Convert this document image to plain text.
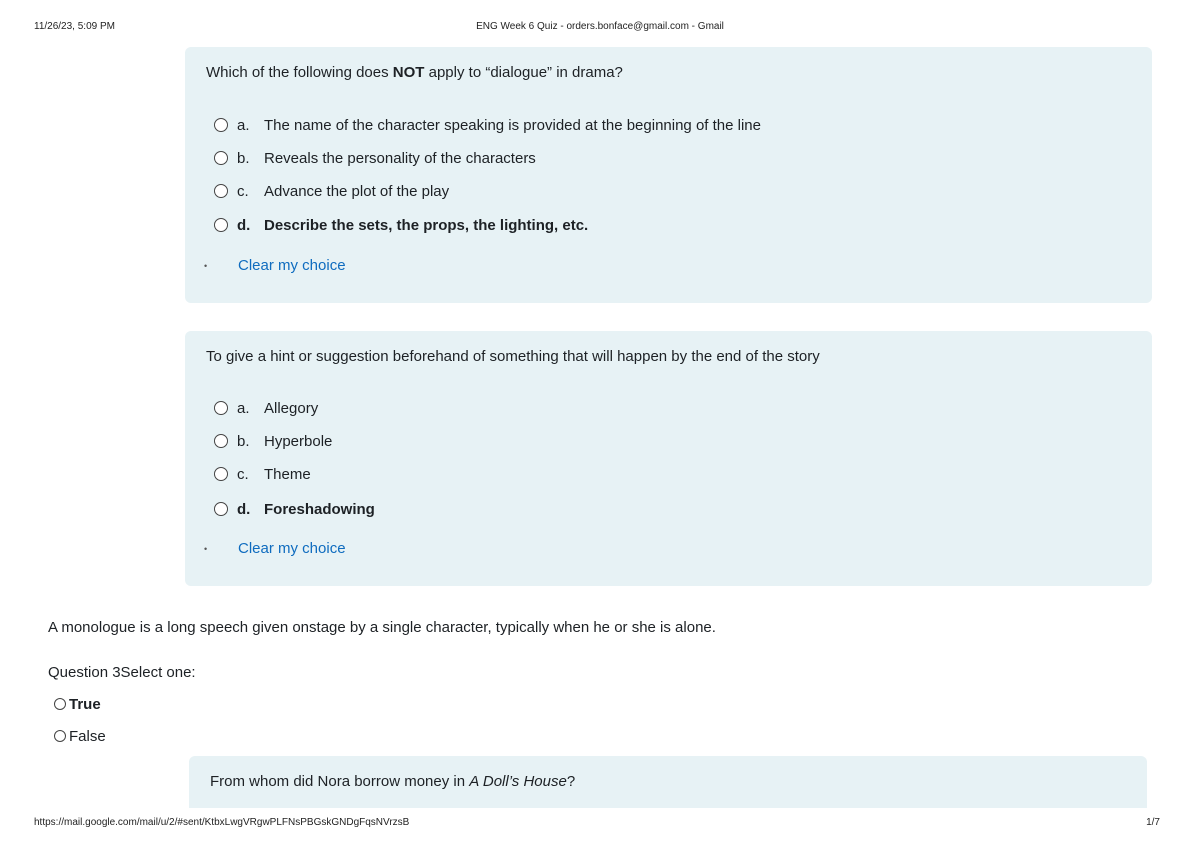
11/26/23, 5:09 PM	ENG Week 6 Quiz - orders.bonface@gmail.com - Gmail
Which of the following does NOT apply to “dialogue” in drama?
a. The name of the character speaking is provided at the beginning of the line
b. Reveals the personality of the characters
c.	Advance the plot of the play
d. Describe the sets, the props, the lighting, etc.
•	Clear my choice
To give a hint or suggestion beforehand of something that will happen by the end of the story
a. Allegory
b. Hyperbole
c.	Theme
d. Foreshadowing
•	Clear my choice
A monologue is a long speech given onstage by a single character, typically when he or she is alone.
Question 3Select one:
True
False
From whom did Nora borrow money in A Doll’s House?
https://mail.google.com/mail/u/2/#sent/KtbxLwgVRgwPLFNsPBGskGNDgFqsNVrzsB	1/7
